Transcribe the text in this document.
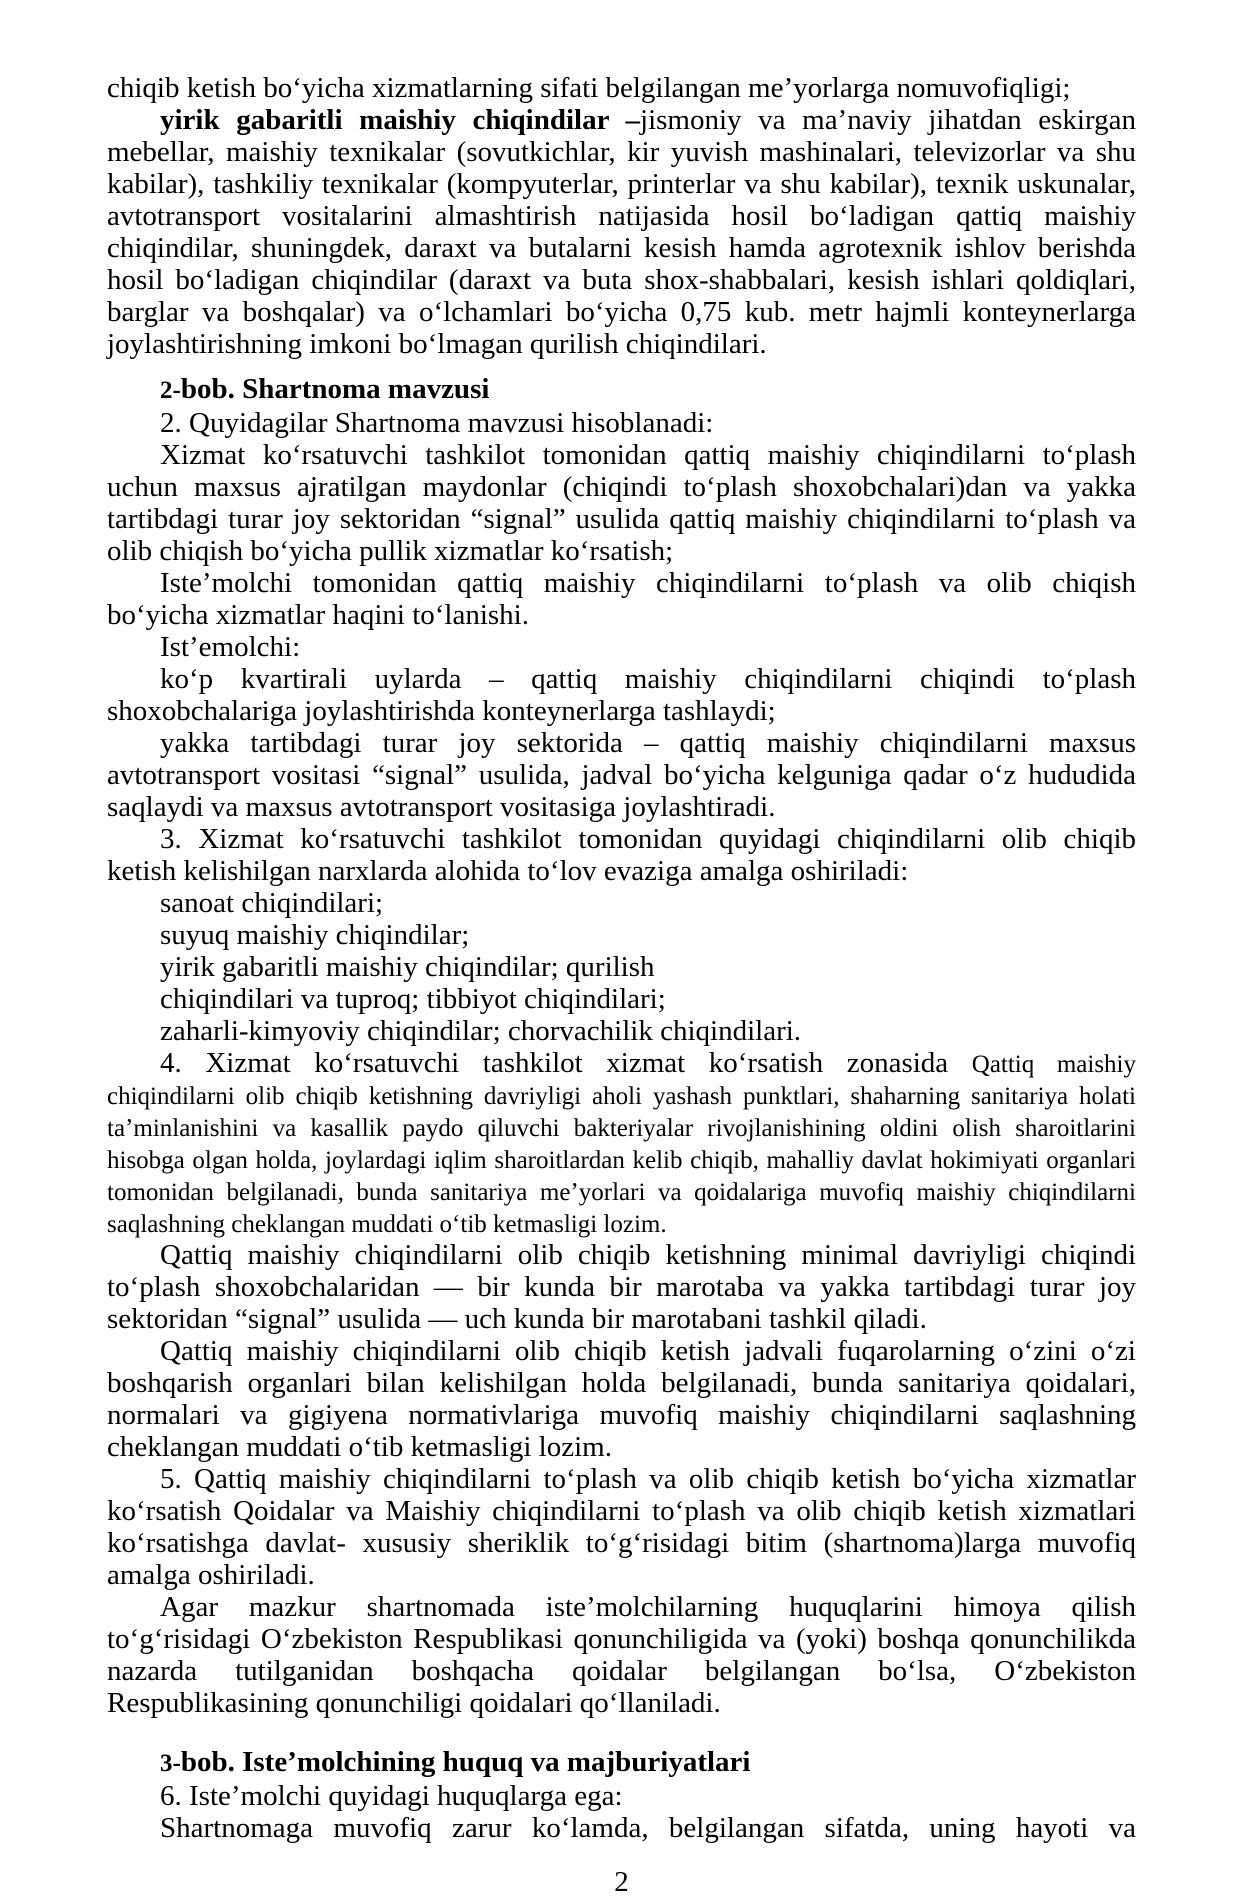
chiqib ketish boʻyicha xizmatlarning sifati belgilangan meʼyorlarga nomuvofiqligi;

yirik gabaritli maishiy chiqindilar –jismoniy va maʼnaviy jihatdan eskirgan mebellar, maishiy texnikalar (sovutkichlar, kir yuvish mashinalari, televizorlar va shu kabilar), tashkiliy texnikalar (kompyuterlar, printerlar va shu kabilar), texnik uskunalar, avtotransport vositalarini almashtirish natijasida hosil boʻladigan qattiq maishiy chiqindilar, shuningdek, daraxt va butalarni kesish hamda agrotexnik ishlov berishda hosil boʻladigan chiqindilar (daraxt va buta shox-shabbalari, kesish ishlari qoldiqlari, barglar va boshqalar) va oʻlchamlari boʻyicha 0,75 kub. metr hajmli konteynerlarga joylashtirishning imkoni boʻlmagan qurilish chiqindilari.

2-bob. Shartnoma mavzusi

2. Quyidagilar Shartnoma mavzusi hisoblanadi:

Xizmat koʻrsatuvchi tashkilot tomonidan qattiq maishiy chiqindilarni toʻplash uchun maxsus ajratilgan maydonlar (chiqindi toʻplash shoxobchalari)dan va yakka tartibdagi turar joy sektoridan “signal” usulida qattiq maishiy chiqindilarni toʻplash va olib chiqish boʻyicha pullik xizmatlar koʻrsatish;

Isteʼmolchi tomonidan qattiq maishiy chiqindilarni toʻplash va olib chiqish boʻyicha xizmatlar haqini toʻlanishi.

Istʼemolchi:

koʻp kvartirali uylarda – qattiq maishiy chiqindilarni chiqindi toʻplash shoxobchalariga joylashtirishda konteynerlarga tashlaydi;

yakka tartibdagi turar joy sektorida – qattiq maishiy chiqindilarni maxsus avtotransport vositasi “signal” usulida, jadval boʻyicha kelguniga qadar oʻz hududida saqlaydi va maxsus avtotransport vositasiga joylashtiradi.

3. Xizmat koʻrsatuvchi tashkilot tomonidan quyidagi chiqindilarni olib chiqib ketish kelishilgan narxlarda alohida toʻlov evaziga amalga oshiriladi:

sanoat chiqindilari;

suyuq maishiy chiqindilar;

yirik gabaritli maishiy chiqindilar; qurilish

chiqindilari va tuproq; tibbiyot chiqindilari;

zaharli-kimyoviy chiqindilar; chorvachilik chiqindilari.

4. Xizmat koʻrsatuvchi tashkilot xizmat koʻrsatish zonasida Qattiq maishiy chiqindilarni olib chiqib ketishning davriyligi aholi yashash punktlari, shaharning sanitariya holati taʼminlanishini va kasallik paydo qiluvchi bakteriyalar rivojlanishining oldini olish sharoitlarini hisobga olgan holda, joylardagi iqlim sharoitlardan kelib chiqib, mahalliy davlat hokimiyati organlari tomonidan belgilanadi, bunda sanitariya meʼyorlari va qoidalariga muvofiq maishiy chiqindilarni saqlashning cheklangan muddati oʻtib ketmasligi lozim.

Qattiq maishiy chiqindilarni olib chiqib ketishning minimal davriyligi chiqindi toʻplash shoxobchalaridan — bir kunda bir marotaba va yakka tartibdagi turar joy sektoridan “signal” usulida — uch kunda bir marotabani tashkil qiladi.

Qattiq maishiy chiqindilarni olib chiqib ketish jadvali fuqarolarning oʻzini oʻzi boshqarish organlari bilan kelishilgan holda belgilanadi, bunda sanitariya qoidalari, normalari va gigiyena normativlariga muvofiq maishiy chiqindilarni saqlashning cheklangan muddati oʻtib ketmasligi lozim.

5. Qattiq maishiy chiqindilarni toʻplash va olib chiqib ketish boʻyicha xizmatlar koʻrsatish Qoidalar va Maishiy chiqindilarni toʻplash va olib chiqib ketish xizmatlari koʻrsatishga davlat- xususiy sheriklik toʻgʻrisidagi bitim (shartnoma)larga muvofiq amalga oshiriladi.

Agar mazkur shartnomada isteʼmolchilarning huquqlarini himoya qilish toʻgʻrisidagi Oʻzbekiston Respublikasi qonunchiligida va (yoki) boshqa qonunchilikda nazarda tutilganidan boshqacha qoidalar belgilangan boʻlsa, Oʻzbekiston Respublikasining qonunchiligi qoidalari qoʻllaniladi.

3-bob. Isteʼmolchining huquq va majburiyatlari

6. Isteʼmolchi quyidagi huquqlarga ega:

Shartnomaga muvofiq zarur koʻlamda, belgilangan sifatda, uning hayoti va

2
